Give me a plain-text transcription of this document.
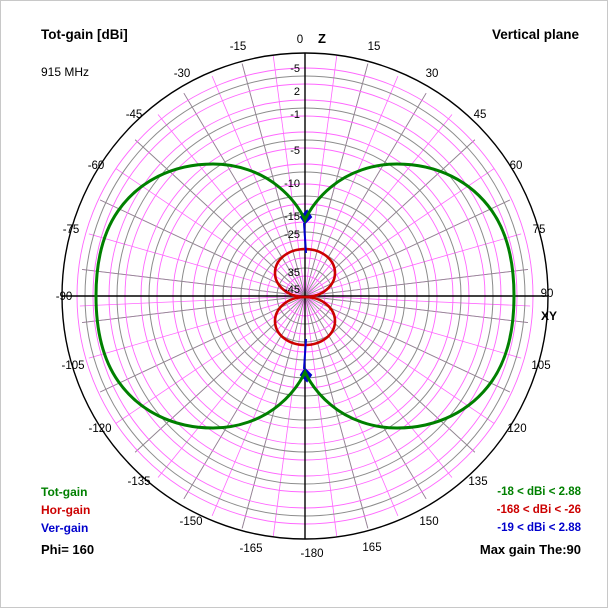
Tot-gain [dBi]	Vertical plane
915 MHz	-5
2
-1
-5
-10
-15
-25
35
-45
0
-15
-30
-45
-60
-75
-90
-105
-120
-135
-150
-165	-180	165
150
135
120
105
90
75
60
45
30
15
Z
XY
Tot-gain
Hor-gain
Ver-gain
Phi= 160
-18 < dBi < 2.88
-168 < dBi < -26
-19 < dBi < 2.88
Max gain The:90
